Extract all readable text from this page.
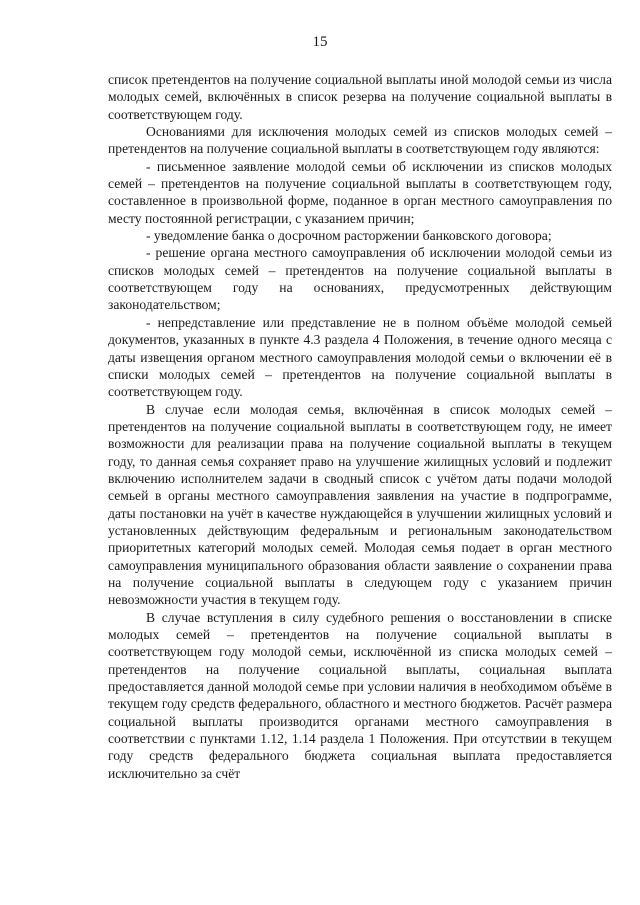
15

список претендентов на получение социальной выплаты иной молодой семьи из числа молодых семей, включённых в список резерва на получение социальной выплаты в соответствующем году.

Основаниями для исключения молодых семей из списков молодых семей – претендентов на получение социальной выплаты в соответствующем году являются:

- письменное заявление молодой семьи об исключении из списков молодых семей – претендентов на получение социальной выплаты в соответствующем году, составленное в произвольной форме, поданное в орган местного самоуправления по месту постоянной регистрации, с указанием причин;

- уведомление банка о досрочном расторжении банковского договора;

- решение органа местного самоуправления об исключении молодой семьи из списков молодых семей – претендентов на получение социальной выплаты в соответствующем году на основаниях, предусмотренных действующим законодательством;

- непредставление или представление не в полном объёме молодой семьей документов, указанных в пункте 4.3 раздела 4 Положения, в течение одного месяца с даты извещения органом местного самоуправления молодой семьи о включении её в списки молодых семей – претендентов на получение социальной выплаты в соответствующем году.

В случае если молодая семья, включённая в список молодых семей – претендентов на получение социальной выплаты в соответствующем году, не имеет возможности для реализации права на получение социальной выплаты в текущем году, то данная семья сохраняет право на улучшение жилищных условий и подлежит включению исполнителем задачи в сводный список с учётом даты подачи молодой семьей в органы местного самоуправления заявления на участие в подпрограмме, даты постановки на учёт в качестве нуждающейся в улучшении жилищных условий и установленных действующим федеральным и региональным законодательством приоритетных категорий молодых семей. Молодая семья подает в орган местного самоуправления муниципального образования области заявление о сохранении права на получение социальной выплаты в следующем году с указанием причин невозможности участия в текущем году.

В случае вступления в силу судебного решения о восстановлении в списке молодых семей – претендентов на получение социальной выплаты в соответствующем году молодой семьи, исключённой из списка молодых семей – претендентов на получение социальной выплаты, социальная выплата предоставляется данной молодой семье при условии наличия в необходимом объёме в текущем году средств федерального, областного и местного бюджетов. Расчёт размера социальной выплаты производится органами местного самоуправления в соответствии с пунктами 1.12, 1.14 раздела 1 Положения. При отсутствии в текущем году средств федерального бюджета социальная выплата предоставляется исключительно за счёт
